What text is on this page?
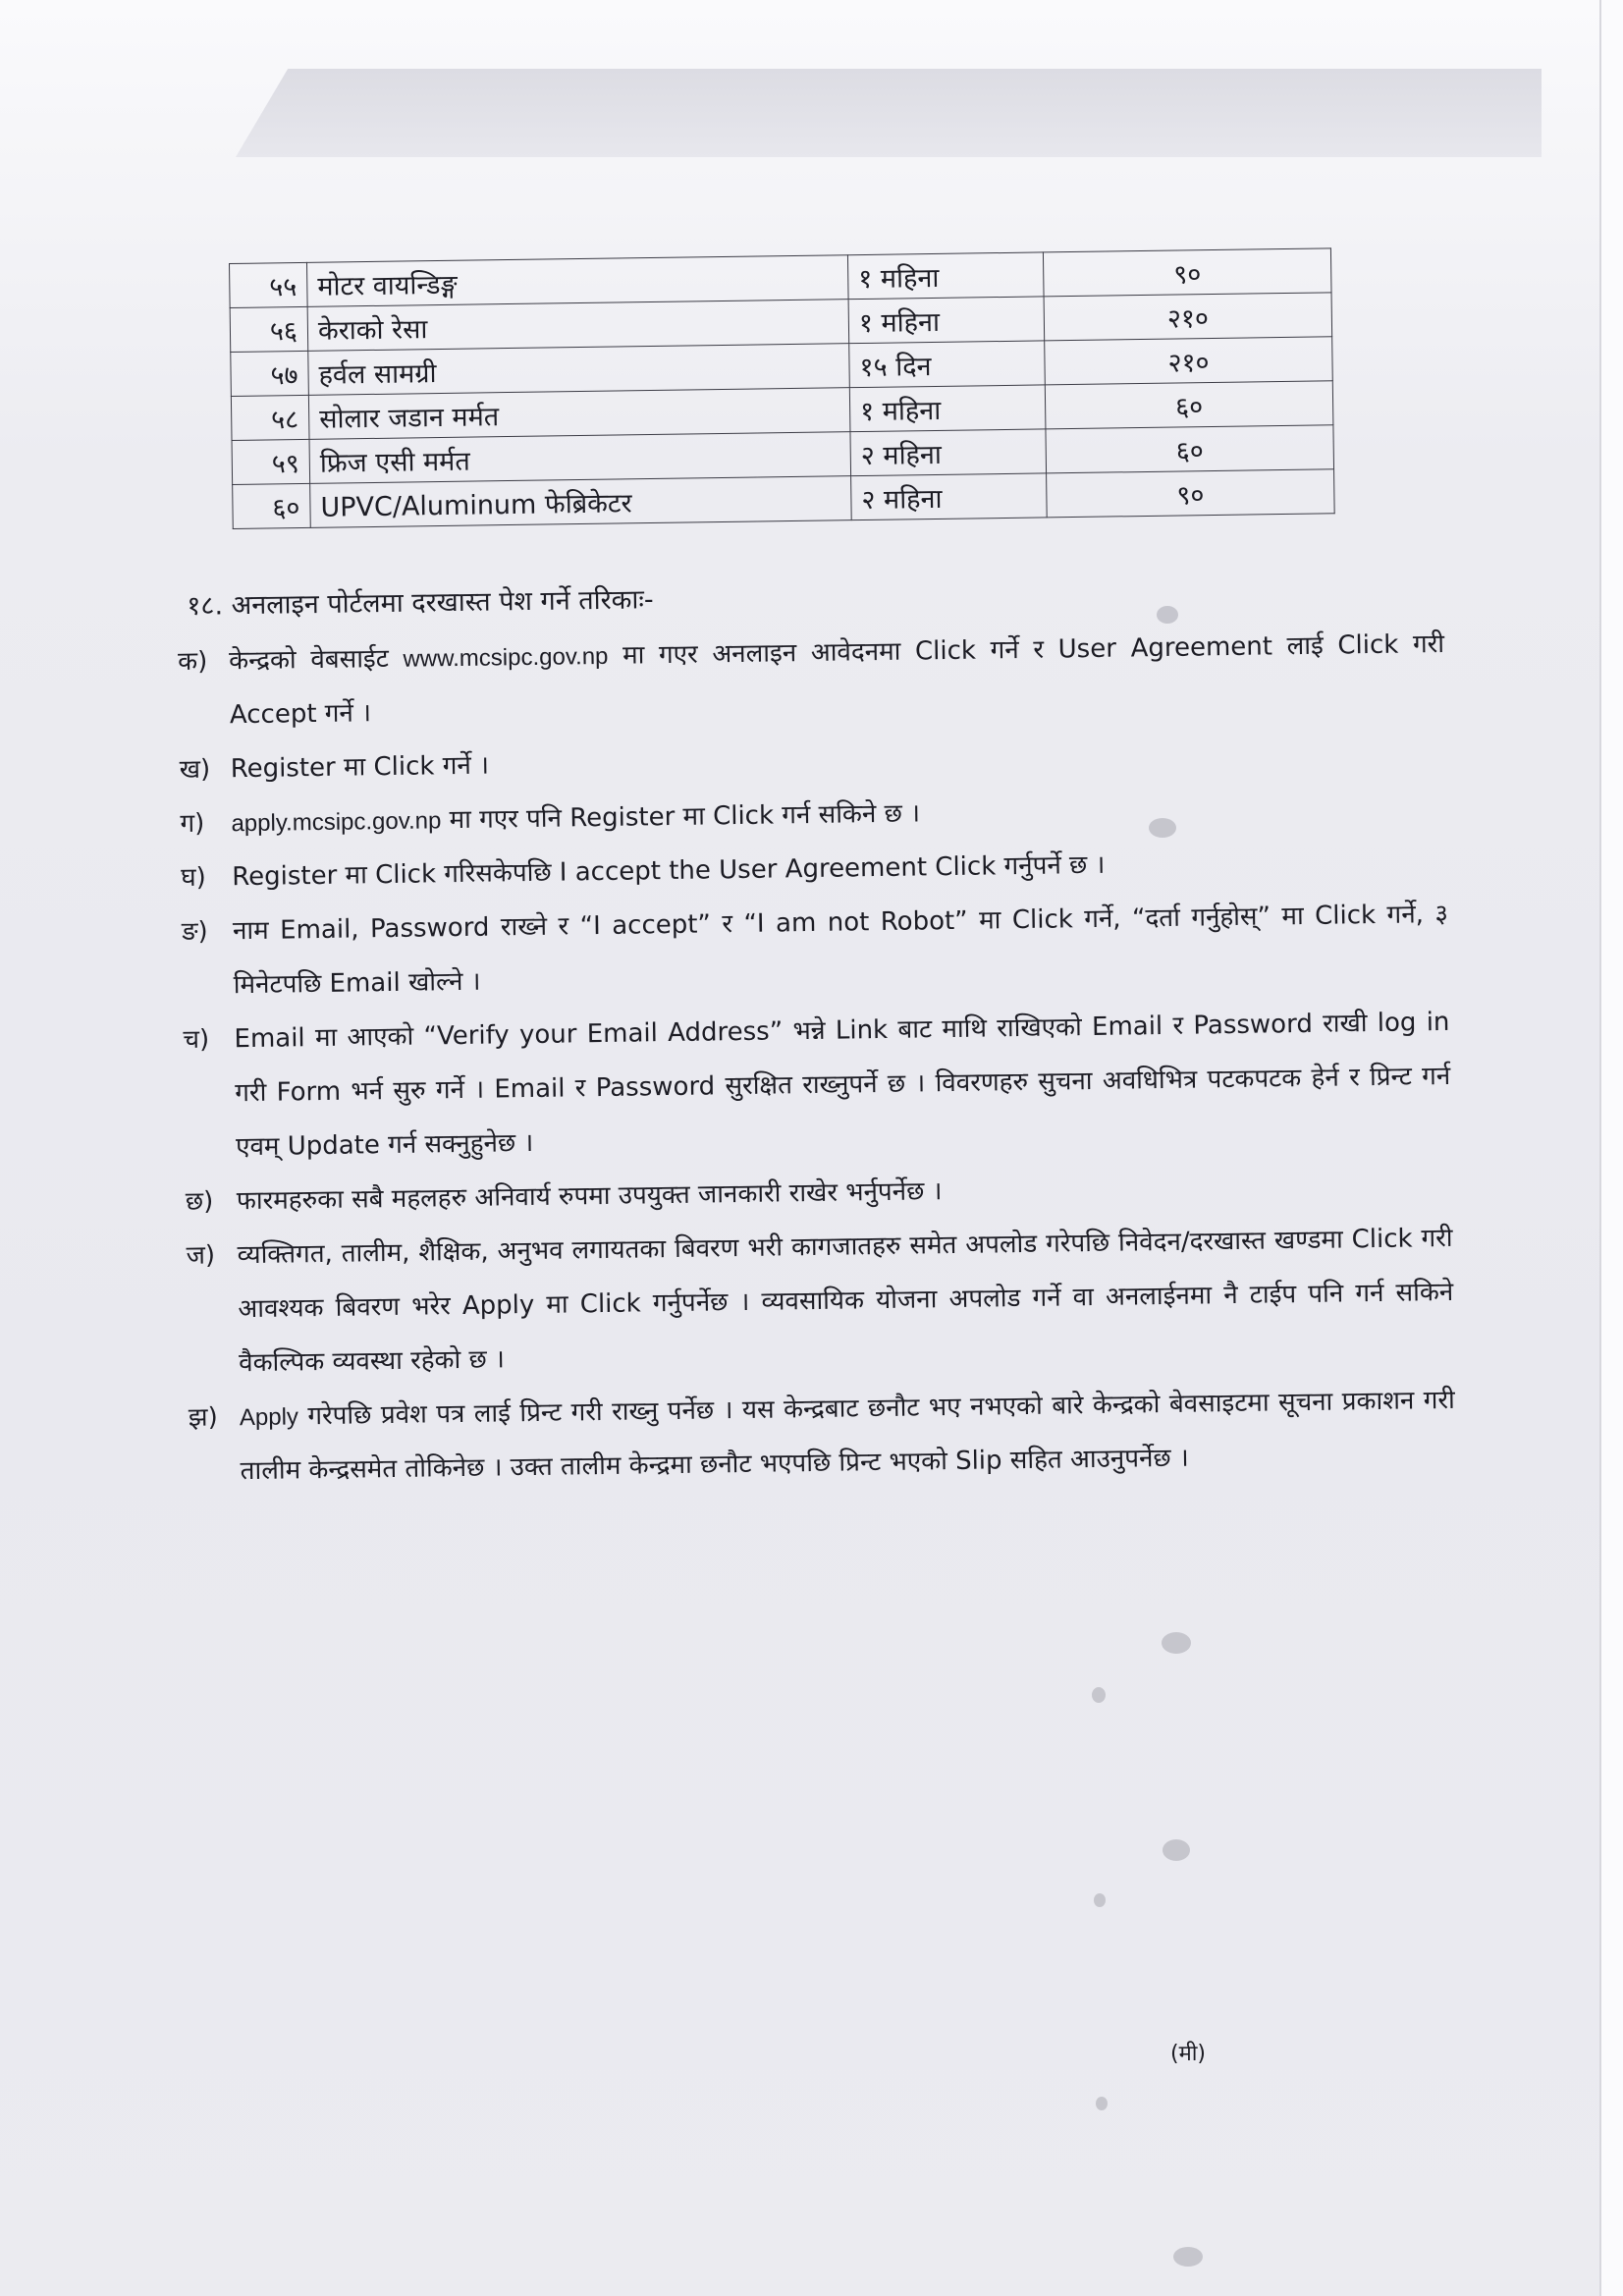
५५	मोटर वायन्डिङ्ग	१ महिना	९०
५६	केराको रेसा	१ महिना	२१०
५७	हर्वल सामग्री	१५ दिन	२१०
५८	सोलार जडान मर्मत	१ महिना	६०
५९	फ्रिज एसी मर्मत	२ महिना	६०
६०	UPVC/Aluminum फेब्रिकेटर	२ महिना	९०
१८. अनलाइन पोर्टलमा दरखास्त पेश गर्ने तरिकाः-
क) केन्द्रको वेबसाईट www.mcsipc.gov.np मा गएर अनलाइन आवेदनमा Click गर्ने र User Agreement लाई Click गरी Accept गर्ने ।
ख) Register मा Click गर्ने ।
ग) apply.mcsipc.gov.np मा गएर पनि Register मा Click गर्न सकिने छ ।
घ) Register मा Click गरिसकेपछि I accept the User Agreement Click गर्नुपर्ने छ ।
ङ) नाम Email, Password राख्ने र “I accept” र “I am not Robot” मा Click गर्ने, “दर्ता गर्नुहोस्” मा Click गर्ने, ३ मिनेटपछि Email खोल्ने ।
च) Email मा आएको “Verify your Email Address” भन्ने Link बाट माथि राखिएको Email र Password राखी log in गरी Form भर्न सुरु गर्ने । Email र Password सुरक्षित राख्नुपर्ने छ । विवरणहरु सुचना अवधिभित्र पटकपटक हेर्न र प्रिन्ट गर्न एवम् Update गर्न सक्नुहुनेछ ।
छ) फारमहरुका सबै महलहरु अनिवार्य रुपमा उपयुक्त जानकारी राखेर भर्नुपर्नेछ ।
ज) व्यक्तिगत, तालीम, शैक्षिक, अनुभव लगायतका बिवरण भरी कागजातहरु समेत अपलोड गरेपछि निवेदन/दरखास्त खण्डमा Click गरी आवश्यक बिवरण भरेर Apply मा Click गर्नुपर्नेछ । व्यवसायिक योजना अपलोड गर्ने वा अनलाईनमा नै टाईप पनि गर्न सकिने वैकल्पिक व्यवस्था रहेको छ ।
झ) Apply गरेपछि प्रवेश पत्र लाई प्रिन्ट गरी राख्नु पर्नेछ । यस केन्द्रबाट छनौट भए नभएको बारे केन्द्रको बेवसाइटमा सूचना प्रकाशन गरी तालीम केन्द्रसमेत तोकिनेछ । उक्त तालीम केन्द्रमा छनौट भएपछि प्रिन्ट भएको Slip सहित आउनुपर्नेछ ।
(मी)
